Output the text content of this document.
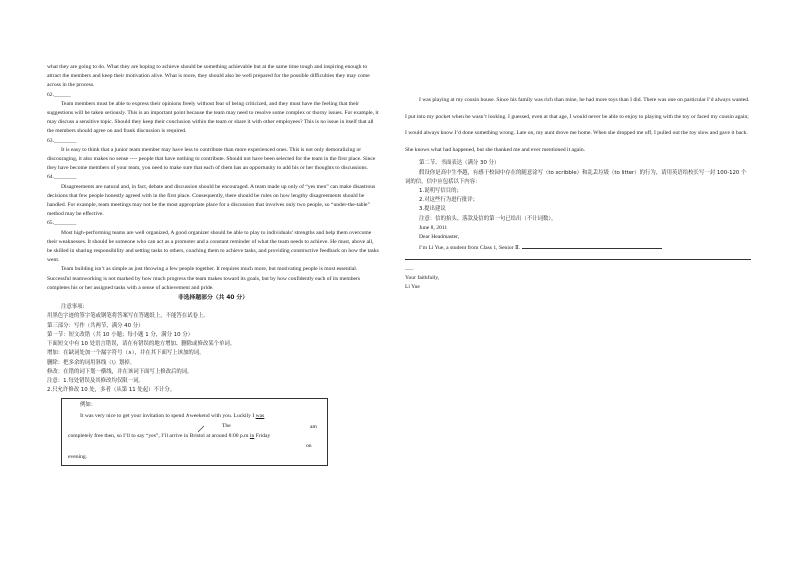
what they are going to do. What they are hoping to achieve should be something achievable but at the same time tough and inspiring enough to attract the members and keep their motivation alive. What is more, they should also be well prepared for the possible difficulties they may come across in the process.

62.______

Team members must be able to express their opinions freely without fear of being criticized, and they must have the feeling that their suggestions will be taken seriously. This is an important point because the team may need to resolve some complex or thorny issues. For example, it may discuss a sensitive topic. Should they keep their conclusion within the team or share it with other employees? This is no issue in itself that all the members should agree on and frank discussion is required.

63.________

It is easy to think that a junior team member may have less to contribute than more experienced ones. This is not only demoralizing or discouraging, it also makes no sense ---- people that have nothing to contribute. Should not have been selected for the team in the first place. Since they have become members of your team, you need to make sure that each of them has an opportunity to add his or her thoughts to discussions.

64.________

Disagreements are natural and, in fact, debate and discussion should be encouraged. A team made up only of “yes men” can make disastrous decisions that few people honestly agreed with in the first place. Consequently, there should be rules on how lengthy disagreements should be handled. For example, team meetings may not be the most appropriate place for a discussion that involves only two people, so “under-the-table” method may be effective.

65.________

Most high-performing teams are well organized, A good organizer should be able to play to individuals’ strengths and help them overcome their weaknesses. It should be someone who can act as a promoter and a constant reminder of what the team needs to achieve. He must, above all, be skilled in sharing responsibility and setting tasks to others, coaching them to achieve tasks, and providing constructive feedback on how the tasks went.

Team building isn’t as simple as just throwing a few people together. It requires much more, but motivating people is most essential. Successful teamworking is not marked by how much progress the team makes toward its goals, but by how confidently each of its members completes his or her assigned tasks with a sense of achievement and pride.

非选择题部分（共 40 分）

注意事项:

用黑色字迹的签字笔或钢笔将答案写在答题纸上，不能答在试卷上。

第三部分：写作（共两节，满分 40 分）

第一节：短文改错（共 10 小题；每小题 1 分，满分 10 分）

下面短文中有 10 处语言错误，请在有错误的地方增加、删除或修改某个单词。

增加：在缺词处加一个漏字符号（∧），并在其下面写上该加的词。

删除：把多余的词用斜线（\）划掉。

修改：在错的词下划一横线，并在该词下面写上修改后的词。

注意：1.每处错误及其修改均仅限一词。

2.只允许修改 10 处，多者（从第 11 处起）不计分。

例如：
It was very nice to get your invitation to spend ∧weekend with you. Luckily I was
The	am
completely free then, so I’ll to say “yes”, I’ll arrive in Bristol at around 8:00 p.m in Friday
on
evening.

I was playing at my cousin house. Since his family was rich than mine, he had more toys than I did. There was one on particular I’d always wanted. I put into my pocket when he wasn’t looking. I guessed, even at that age, I would never be able to enjoy to playing with the toy or faced my cousin again; I would always know I’d done something wrong. Late on, my aunt drove me home. When she dropped me off, I pulled out the toy slow and gave it back. She knows what had happened, but she thanked me and ever mentioned it again.

第二节、书面表达（满分 30 分）

假设你是高中生李越，有感于校园中存在的随意涂写（to scribble）和乱丢垃圾（to litter）的行为，请用英语给校长写一封 100-120 个词的信，信中应包括以下内容：

1.说明写信目的；

2.对这些行为进行批评；

3.提出建议

注意：信的抬头、落款及信的第一句已给出（不计词数）。

June 8, 2011

Dear Headmaster,

I’m Li Yue, a student from Class 1, Senior Ⅱ.

___

Your faithfully,

Li Yue
